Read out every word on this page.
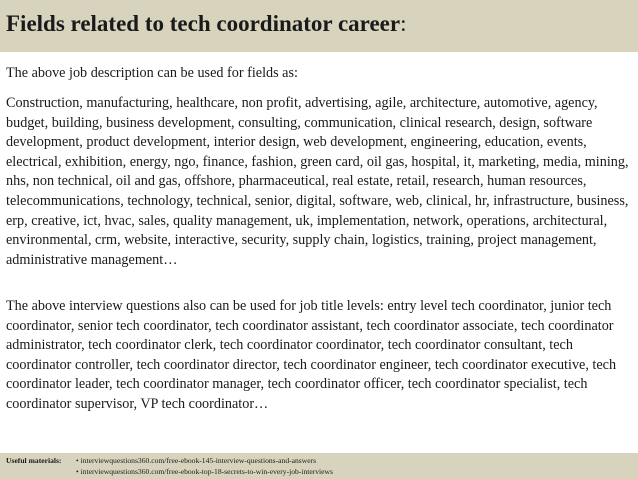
Fields related to tech coordinator career:
The above job description can be used for fields as:
Construction, manufacturing, healthcare, non profit, advertising, agile, architecture, automotive, agency, budget, building, business development, consulting, communication, clinical research, design, software development, product development, interior design, web development, engineering, education, events, electrical, exhibition, energy, ngo, finance, fashion, green card, oil gas, hospital, it, marketing, media, mining, nhs, non technical, oil and gas, offshore, pharmaceutical, real estate, retail, research, human resources, telecommunications, technology, technical, senior, digital, software, web, clinical, hr, infrastructure, business, erp, creative, ict, hvac, sales, quality management, uk, implementation, network, operations, architectural, environmental, crm, website, interactive, security, supply chain, logistics, training, project management, administrative management…
The above interview questions also can be used for job title levels: entry level tech coordinator, junior tech coordinator, senior tech coordinator, tech coordinator assistant, tech coordinator associate, tech coordinator administrator, tech coordinator clerk, tech coordinator coordinator, tech coordinator consultant, tech coordinator controller, tech coordinator director, tech coordinator engineer, tech coordinator executive, tech coordinator leader, tech coordinator manager, tech coordinator officer, tech coordinator specialist, tech coordinator supervisor, VP tech coordinator…
Useful materials: • interviewquestions360.com/free-ebook-145-interview-questions-and-answers
• interviewquestions360.com/free-ebook-top-18-secrets-to-win-every-job-interviews
